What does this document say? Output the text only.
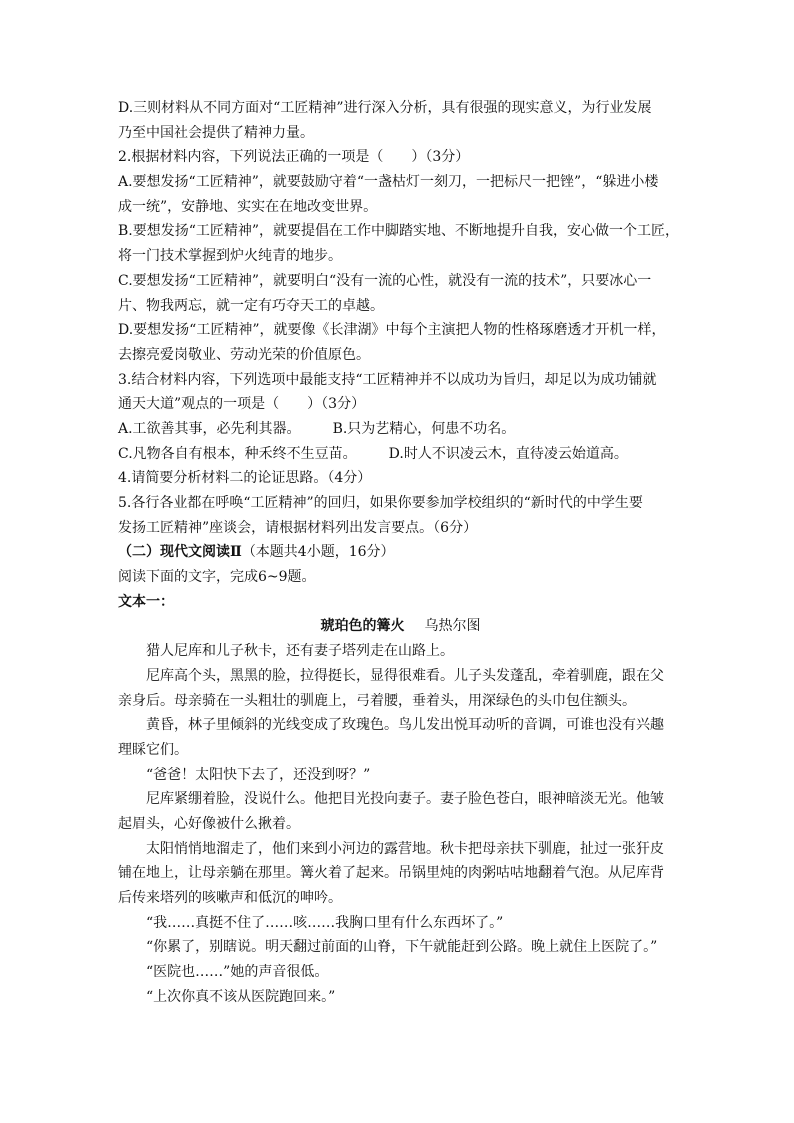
D.三则材料从不同方面对“工匠精神”进行深入分析，具有很强的现实意义，为行业发展
乃至中国社会提供了精神力量。
2.根据材料内容，下列说法正确的一项是（　　）（3分）
A.要想发扬“工匠精神”，就要鼓励守着“一盏枯灯一刻刀，一把标尺一把锉”，“躲进小楼
成一统”，安静地、实实在在地改变世界。
B.要想发扬“工匠精神”，就要提倡在工作中脚踏实地、不断地提升自我，安心做一个工匠，
将一门技术掌握到炉火纯青的地步。
C.要想发扬“工匠精神”，就要明白“没有一流的心性，就没有一流的技术”，只要冰心一
片、物我两忘，就一定有巧夺天工的卓越。
D.要想发扬“工匠精神”，就要像《长津湖》中每个主演把人物的性格琢磨透才开机一样，
去擦亮爱岗敬业、劳动光荣的价值原色。
3.结合材料内容，下列选项中最能支持“工匠精神并不以成功为旨归，却足以为成功铺就
通天大道”观点的一项是（　　）（3分）
A.工欲善其事，必先利其器。 B.只为艺精心，何患不功名。
C.凡物各自有根本，种禾终不生豆苗。 D.时人不识凌云木，直待凌云始道高。
4.请简要分析材料二的论证思路。（4分）
5.各行各业都在呼唤“工匠精神”的回归，如果你要参加学校组织的“新时代的中学生要
发扬工匠精神”座谈会，请根据材料列出发言要点。（6分）
（二）现代文阅读Ⅱ（本题共4小题，16分）
阅读下面的文字，完成6~9题。
文本一：
琥珀色的篝火 乌热尔图
猎人尼库和儿子秋卡，还有妻子塔列走在山路上。
尼库高个头，黑黑的脸，拉得挺长，显得很难看。儿子头发蓬乱，牵着驯鹿，跟在父
亲身后。母亲骑在一头粗壮的驯鹿上，弓着腰，垂着头，用深绿色的头巾包住额头。
黄昏，林子里倾斜的光线变成了玫瑰色。鸟儿发出悦耳动听的音调，可谁也没有兴趣
理睬它们。
“爸爸！太阳快下去了，还没到呀？”
尼库紧绷着脸，没说什么。他把目光投向妻子。妻子脸色苍白，眼神暗淡无光。他皱
起眉头，心好像被什么揪着。
太阳悄悄地溜走了，他们来到小河边的露营地。秋卡把母亲扶下驯鹿，扯过一张犴皮
铺在地上，让母亲躺在那里。篝火着了起来。吊锅里炖的肉粥咕咕地翻着气泡。从尼库背
后传来塔列的咳嗽声和低沉的呻吟。
“我……真挺不住了……咳……我胸口里有什么东西坏了。”
“你累了，别瞎说。明天翻过前面的山脊，下午就能赶到公路。晚上就住上医院了。”
“医院也……”她的声音很低。
“上次你真不该从医院跑回来。”
